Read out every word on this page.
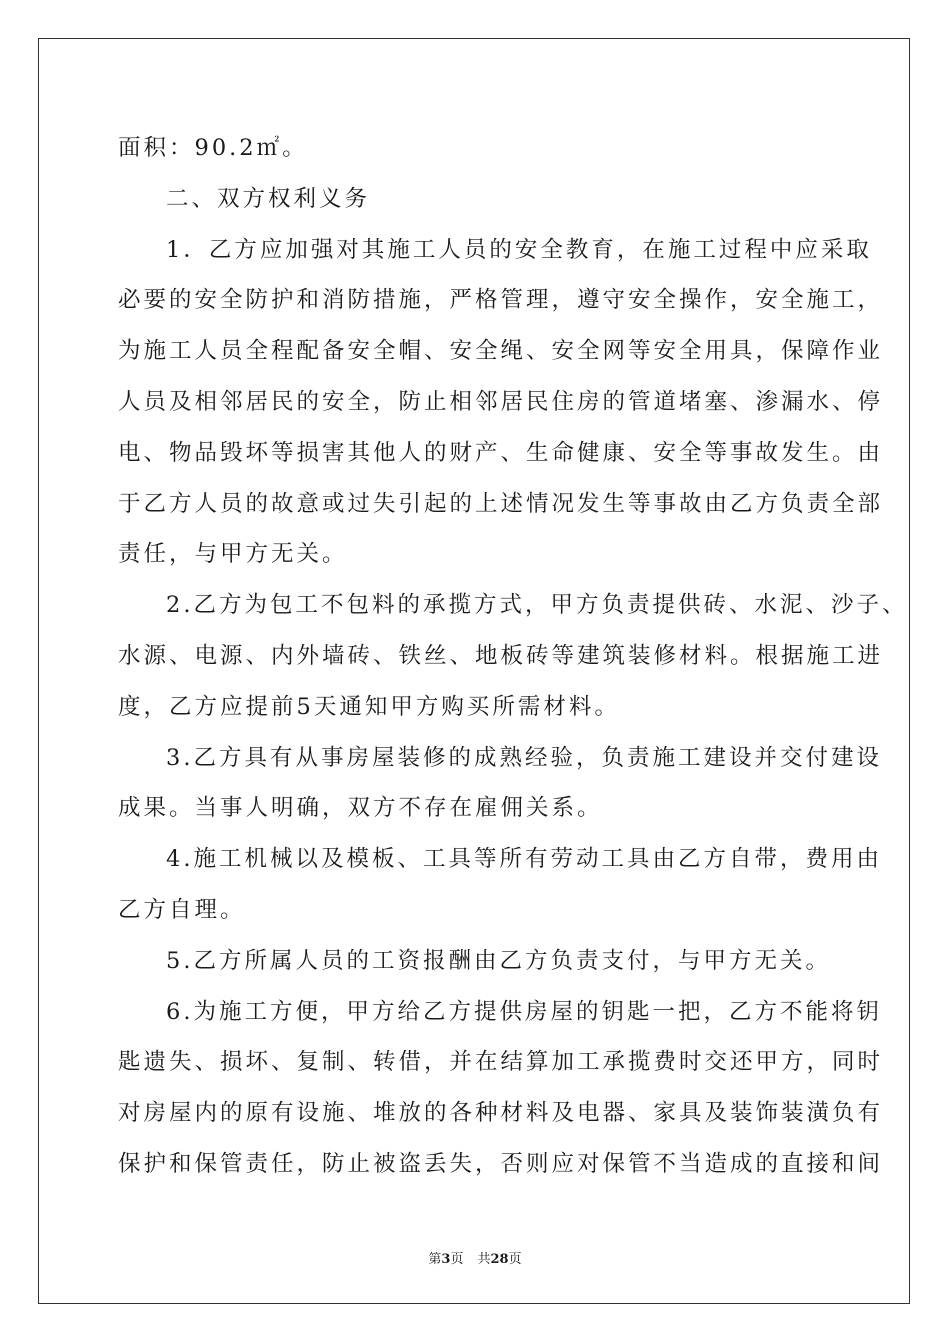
面积：90.2㎡。
二、双方权利义务
1．乙方应加强对其施工人员的安全教育，在施工过程中应采取
必要的安全防护和消防措施，严格管理，遵守安全操作，安全施工，
为施工人员全程配备安全帽、安全绳、安全网等安全用具，保障作业
人员及相邻居民的安全，防止相邻居民住房的管道堵塞、渗漏水、停
电、物品毁坏等损害其他人的财产、生命健康、安全等事故发生。由
于乙方人员的故意或过失引起的上述情况发生等事故由乙方负责全部
责任，与甲方无关。
2.乙方为包工不包料的承揽方式，甲方负责提供砖、水泥、沙子、
水源、电源、内外墙砖、铁丝、地板砖等建筑装修材料。根据施工进
度，乙方应提前5天通知甲方购买所需材料。
3.乙方具有从事房屋装修的成熟经验，负责施工建设并交付建设
成果。当事人明确，双方不存在雇佣关系。
4.施工机械以及模板、工具等所有劳动工具由乙方自带，费用由
乙方自理。
5.乙方所属人员的工资报酬由乙方负责支付，与甲方无关。
6.为施工方便，甲方给乙方提供房屋的钥匙一把，乙方不能将钥
匙遗失、损坏、复制、转借，并在结算加工承揽费时交还甲方，同时
对房屋内的原有设施、堆放的各种材料及电器、家具及装饰装潢负有
保护和保管责任，防止被盗丢失，否则应对保管不当造成的直接和间
第3页 共28页
